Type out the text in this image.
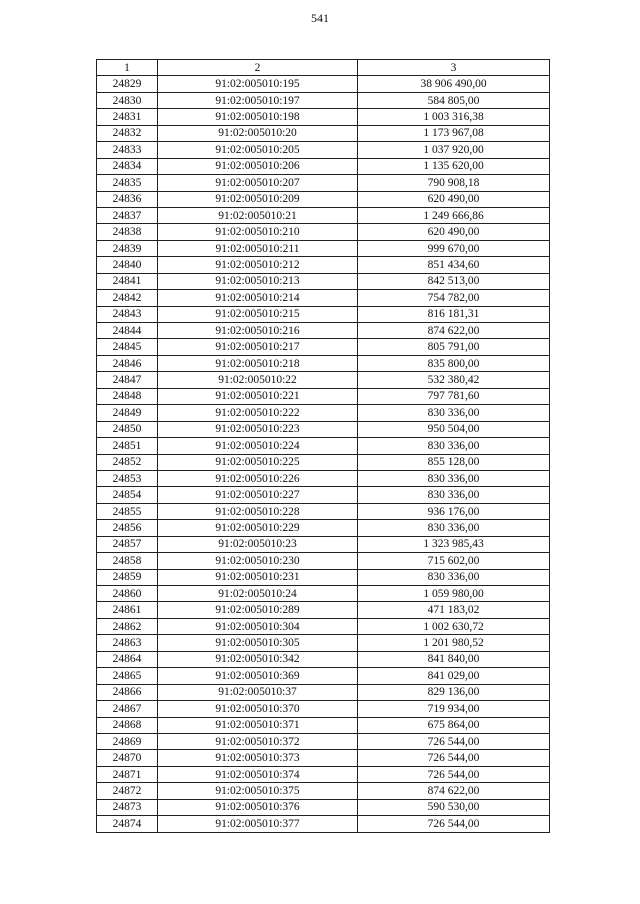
541
1	2	3
24829	91:02:005010:195	38 906 490,00
24830	91:02:005010:197	584 805,00
24831	91:02:005010:198	1 003 316,38
24832	91:02:005010:20	1 173 967,08
24833	91:02:005010:205	1 037 920,00
24834	91:02:005010:206	1 135 620,00
24835	91:02:005010:207	790 908,18
24836	91:02:005010:209	620 490,00
24837	91:02:005010:21	1 249 666,86
24838	91:02:005010:210	620 490,00
24839	91:02:005010:211	999 670,00
24840	91:02:005010:212	851 434,60
24841	91:02:005010:213	842 513,00
24842	91:02:005010:214	754 782,00
24843	91:02:005010:215	816 181,31
24844	91:02:005010:216	874 622,00
24845	91:02:005010:217	805 791,00
24846	91:02:005010:218	835 800,00
24847	91:02:005010:22	532 380,42
24848	91:02:005010:221	797 781,60
24849	91:02:005010:222	830 336,00
24850	91:02:005010:223	950 504,00
24851	91:02:005010:224	830 336,00
24852	91:02:005010:225	855 128,00
24853	91:02:005010:226	830 336,00
24854	91:02:005010:227	830 336,00
24855	91:02:005010:228	936 176,00
24856	91:02:005010:229	830 336,00
24857	91:02:005010:23	1 323 985,43
24858	91:02:005010:230	715 602,00
24859	91:02:005010:231	830 336,00
24860	91:02:005010:24	1 059 980,00
24861	91:02:005010:289	471 183,02
24862	91:02:005010:304	1 002 630,72
24863	91:02:005010:305	1 201 980,52
24864	91:02:005010:342	841 840,00
24865	91:02:005010:369	841 029,00
24866	91:02:005010:37	829 136,00
24867	91:02:005010:370	719 934,00
24868	91:02:005010:371	675 864,00
24869	91:02:005010:372	726 544,00
24870	91:02:005010:373	726 544,00
24871	91:02:005010:374	726 544,00
24872	91:02:005010:375	874 622,00
24873	91:02:005010:376	590 530,00
24874	91:02:005010:377	726 544,00
